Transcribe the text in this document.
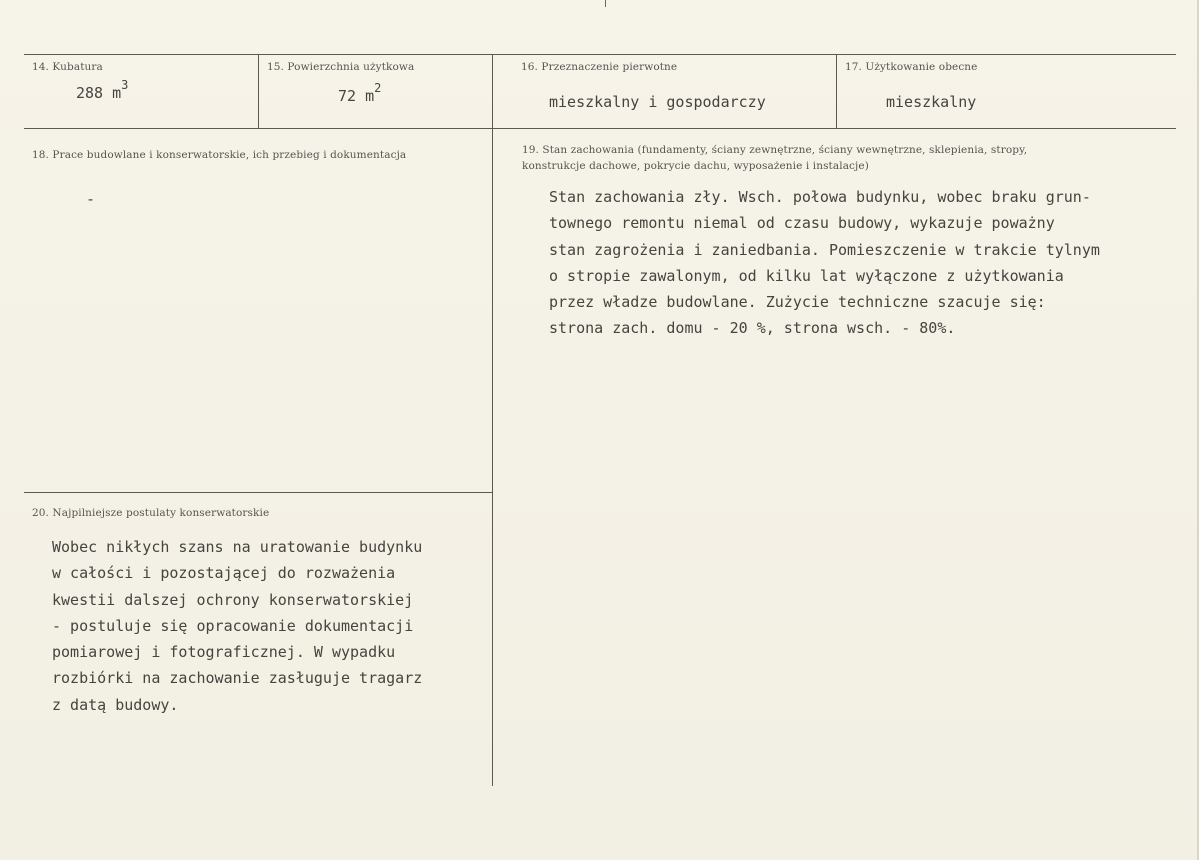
14. Kubatura
288 $m^3$
15. Powierzchnia użytkowa
72 $m^2$
16. Przeznaczenie pierwotne
mieszkalny i gospodarczy
17. Użytkowanie obecne
mieszkalny
18. Prace budowlane i konserwatorskie, ich przebieg i dokumentacja
-
19. Stan zachowania (fundamenty, ściany zewnętrzne, ściany wewnętrzne, sklepienia, stropy, konstrukcje dachowe, pokrycie dachu, wyposażenie i instalacje)
Stan zachowania zły. Wsch. połowa budynku, wobec braku grun-
townego remontu niemal od czasu budowy, wykazuje poważny
stan zagrożenia i zaniedbania. Pomieszczenie w trakcie tylnym
o stropie zawalonym, od kilku lat wyłączone z użytkowania
przez władze budowlane. Zużycie techniczne szacuje się:
strona zach. domu - 20 %, strona wsch. - 80%.
20. Najpilniejsze postulaty konserwatorskie
Wobec nikłych szans na uratowanie budynku
w całości i pozostającej do rozważenia
kwestii dalszej ochrony konserwatorskiej
- postuluje się opracowanie dokumentacji
pomiarowej i fotograficznej. W wypadku
rozbiórki na zachowanie zasługuje tragarz
z datą budowy.
